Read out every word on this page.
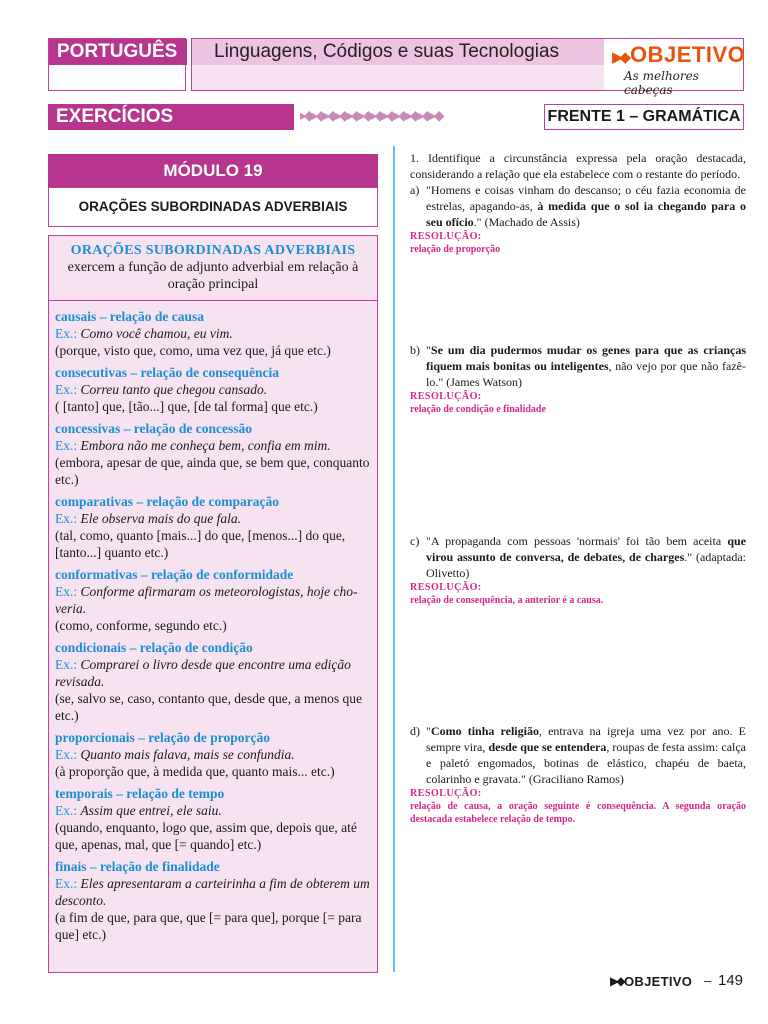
PORTUGUÊS	Linguagens, Códigos e suas Tecnologias	▶◆ OBJETIVO
As melhores cabeças
EXERCÍCIOS PROPOSTOS
▸◆▸◆▸◆▸◆▸◆▸◆▸◆▸◆▸◆▸◆▸◆▸◆	FRENTE 1 – GRAMÁTICA
MÓDULO 19
ORAÇÕES SUBORDINADAS ADVERBIAIS
ORAÇÕES SUBORDINADAS ADVERBIAIS
exercem a função de adjunto adverbial em relação à oração principal
causais – relação de causa
Ex.: Como você chamou, eu vim.
(porque, visto que, como, uma vez que, já que etc.)
consecutivas – relação de consequência
Ex.: Correu tanto que chegou cansado.
( [tanto] que, [tão...] que, [de tal forma] que etc.)
concessivas – relação de concessão
Ex.: Embora não me conheça bem, confia em mim.
(embora, apesar de que, ainda que, se bem que, conquanto etc.)
comparativas – relação de comparação
Ex.: Ele observa mais do que fala.
(tal, como, quanto [mais...] do que, [menos...] do que, [tanto...] quanto etc.)
conformativas – relação de conformidade
Ex.: Conforme afirmaram os meteorologistas, hoje cho-veria.
(como, conforme, segundo etc.)
condicionais – relação de condição
Ex.: Comprarei o livro desde que encontre uma edição revisada.
(se, salvo se, caso, contanto que, desde que, a menos que etc.)
proporcionais – relação de proporção
Ex.: Quanto mais falava, mais se confundia.
(à proporção que, à medida que, quanto mais... etc.)
temporais – relação de tempo
Ex.: Assim que entrei, ele saiu.
(quando, enquanto, logo que, assim que, depois que, até que, apenas, mal, que [= quando] etc.)
finais – relação de finalidade
Ex.: Eles apresentaram a carteirinha a fim de obterem um desconto.
(a fim de que, para que, que [= para que], porque [= para que] etc.)
1. Identifique a circunstância expressa pela oração destacada, considerando a relação que ela estabelece com o restante do período.
a) "Homens e coisas vinham do descanso; o céu fazia economia de estrelas, apagando-as, à medida que o sol ia chegando para o seu ofício." (Machado de Assis)
RESOLUÇÃO:
relação de proporção
b) "Se um dia pudermos mudar os genes para que as crianças fiquem mais bonitas ou inteligentes, não vejo por que não fazê-lo." (James Watson)
RESOLUÇÃO:
relação de condição e finalidade
c) "A propaganda com pessoas 'normais' foi tão bem aceita que virou assunto de conversa, de debates, de charges." (adaptada: Olivetto)
RESOLUÇÃO:
relação de consequência, a anterior é a causa.
d) "Como tinha religião, entrava na igreja uma vez por ano. E sempre vira, desde que se entendera, roupas de festa assim: calça e paletó engomados, botinas de elástico, chapéu de baeta, colarinho e gravata." (Graciliano Ramos)
RESOLUÇÃO:
relação de causa, a oração seguinte é consequência. A segunda oração destacada estabelece relação de tempo.
▶◆ OBJETIVO – 149
